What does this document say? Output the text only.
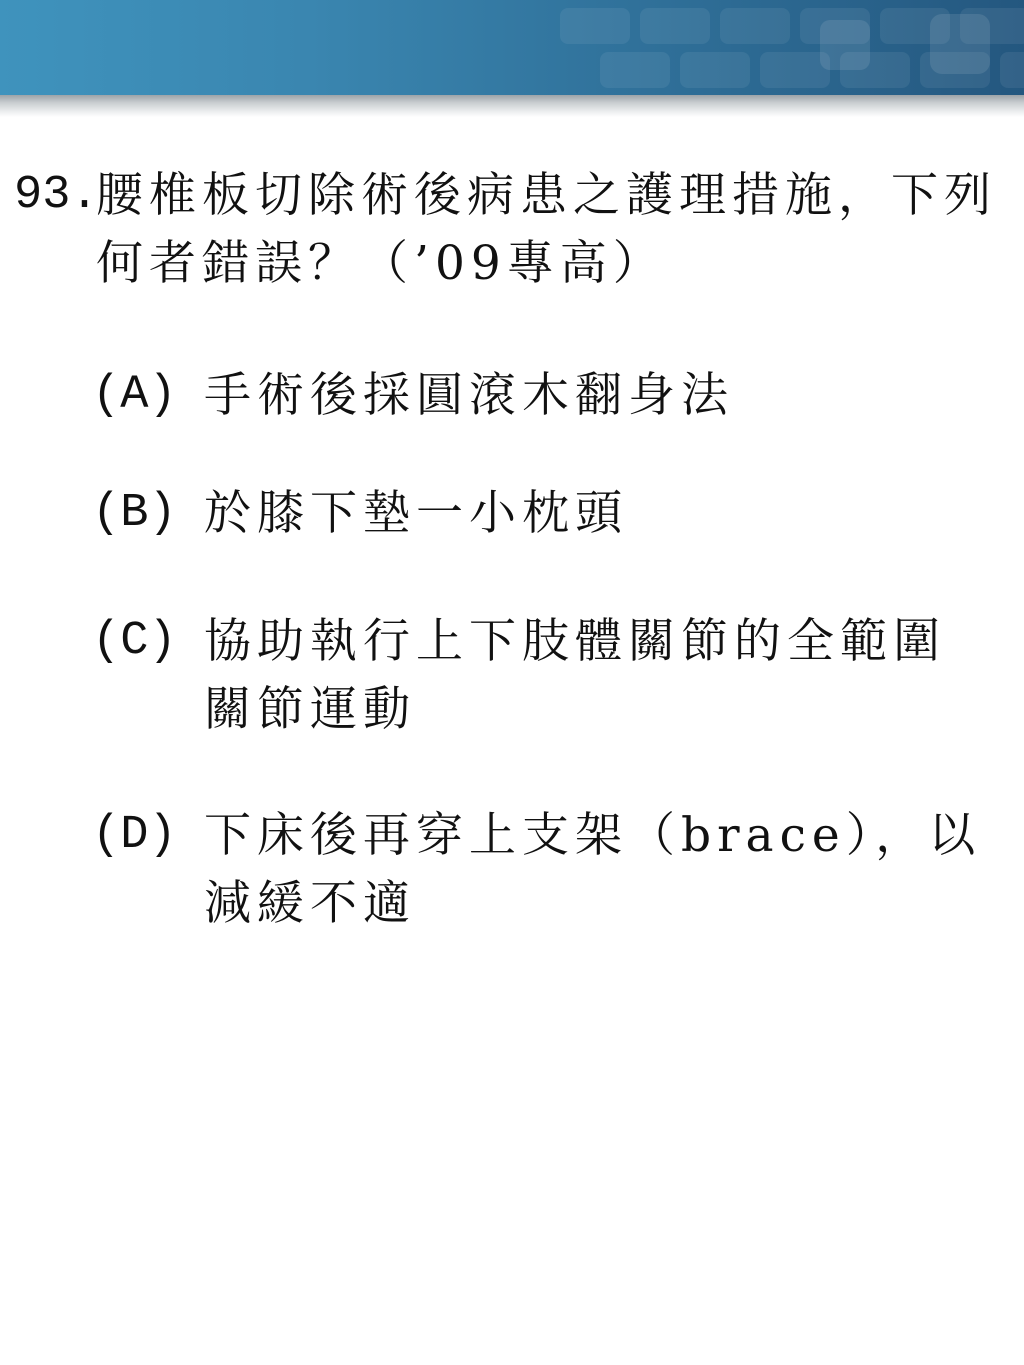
93.
腰椎板切除術後病患之護理措施，下列何者錯誤？（’09專高）
(A) 手術後採圓滾木翻身法
(B) 於膝下墊一小枕頭
(C) 協助執行上下肢體關節的全範圍關節運動
(D) 下床後再穿上支架（brace），以減緩不適
